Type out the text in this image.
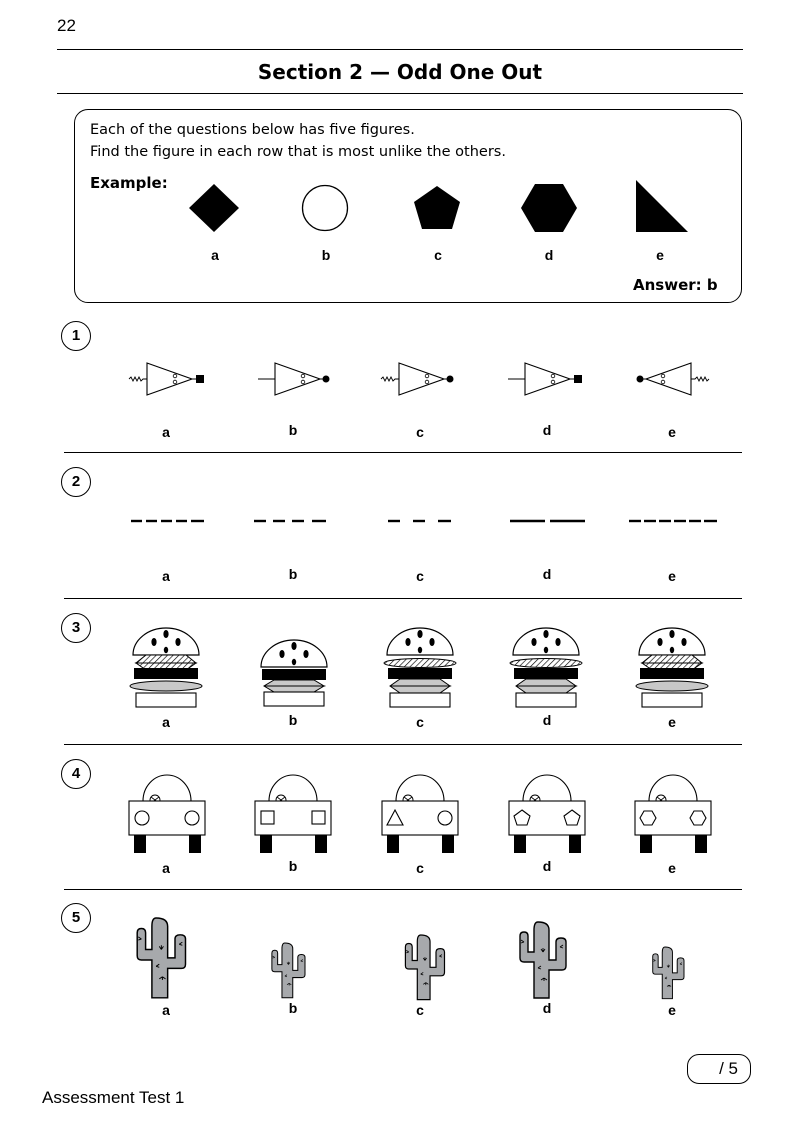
22
Section 2 — Odd One Out
Each of the questions below has five figures.
Find the figure in each row that is most unlike the others.
Example:
a	b	c	d	e
Answer: b
1
a	b	c	d	e
2
a	b	c	d	e
3
a	b	c	d	e
4
a	b	c	d	e
5
a	b	c	d	e
/ 5
Assessment Test 1
